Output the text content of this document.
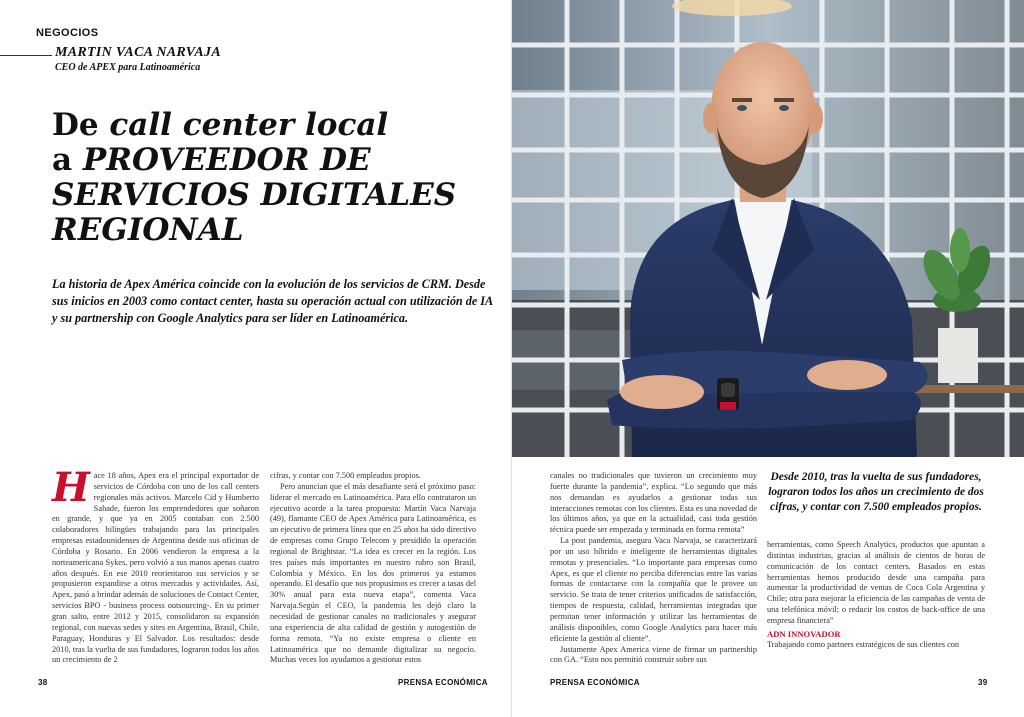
NEGOCIOS
MARTIN VACA NARVAJA
CEO de APEX para Latinoamérica
De call center local
a PROVEEDOR DE
SERVICIOS DIGITALES
REGIONAL
La historia de Apex América coincide con la evolución de los servicios de CRM. Desde sus inicios en 2003 como contact center, hasta su operación actual con utilización de IA y su partnership con Google Analytics para ser líder en Latinoamérica.
Hace 18 años, Apex era el principal exportador de servicios de Córdoba con uno de los call centers regionales más activos. Marcelo Cid y Humberto Sahade, fueron los emprendedores que soñaron en grande, y que ya en 2005 contaban con 2.500 colaboradores bilingües trabajando para las principales empresas estadounidenses de Argentina desde sus oficinas de Córdoba y Rosario. En 2006 vendieron la empresa a la norteamericana Sykes, pero volvió a sus manos apenas cuatro años después. En ese 2010 reorientaron sus servicios y se propusieron expandirse a otros mercados y actividades. Así, Apex, pasó a brindar además de soluciones de Contact Center, servicios BPO - business process outsourcing-. En su primer gran salto, entre 2012 y 2015, consolidaron su expansión regional, con nuevas sedes y sites en Argentina, Brasil, Chile, Paraguay, Honduras y El Salvador. Los resultados: desde 2010, tras la vuelta de sus fundadores, lograron todos los años un crecimiento de 2

cifras, y contar con 7.500 empleados propios.

Pero anuncian que el más desafiante será el próximo paso: liderar el mercado en Latinoamérica. Para ello contrataron un ejecutivo acorde a la tarea propuesta: Martín Vaca Narvaja (49), flamante CEO de Apex América para Latinoamérica, es un ejecutivo de primera línea que en 25 años ha sido directivo de empresas como Grupo Telecom y presidido la operación regional de Brightstar. “La idea es crecer en la región. Los tres países más importantes en nuestro rubro son Brasil, Colombia y México. En los dos primeros ya estamos operando. El desafío que nos propusimos es crecer a tasas del 30% anual para esta nueva etapa”, comenta Vaca Narvaja.Según el CEO, la pandemia les dejó claro la necesidad de gestionar canales no tradicionales y asegurar una experiencia de alta calidad de gestión y autogestión de forma remota. “Ya no existe empresa o cliente en Latinoamérica que no demande digitalizar su negocio. Muchas veces los ayudamos a gestionar estos

38	PRENSA ECONÓMICA

canales no tradicionales que tuvieron un crecimiento muy fuerte durante la pandemia”, explica. “Lo segundo que más nos demandan es ayudarlos a gestionar todas sus interacciones remotas con los clientes. Esta es una novedad de los últimos años, ya que en la actualidad, casi toda gestión técnica puede ser empezada y terminada en forma remota”

La post pandemia, asegura Vaca Narvaja, se caracterizará por un uso híbrido e inteligente de herramientas digitales remotas y presenciales. “Lo importante para empresas como Apex, es que el cliente no perciba diferencias entre las varias formas de contactarse con la compañía que le provee un servicio. Se trata de tener criterios unificados de satisfacción, tiempos de respuesta, calidad, herramientas integradas que permitan tener información y utilizar las herramientas de análisis disponibles, como Google Analytics para hacer más eficiente la gestión al cliente”.

Justamente Apex America viene de firmar un partnership con GA. “Esto nos permitió construir sobre sus

Desde 2010, tras la vuelta de sus fundadores, lograron todos los años un crecimiento de dos cifras, y contar con 7.500 empleados propios.

herramientas, como Speech Analytics, productos que apuntan a distintas industrias, gracias al análisis de cientos de horas de comunicación de los contact centers. Basados en estas herramientas hemos producido desde una campaña para aumentar la productividad de ventas de Coca Cola Argentina y Chile; otra para mejorar la eficiencia de las campañas de venta de una telefónica móvil; o reducir los costos de back-office de una empresa financiera”

ADN INNOVADOR

Trabajando como partners estratégicos de sus clientes con

PRENSA ECONÓMICA	39
